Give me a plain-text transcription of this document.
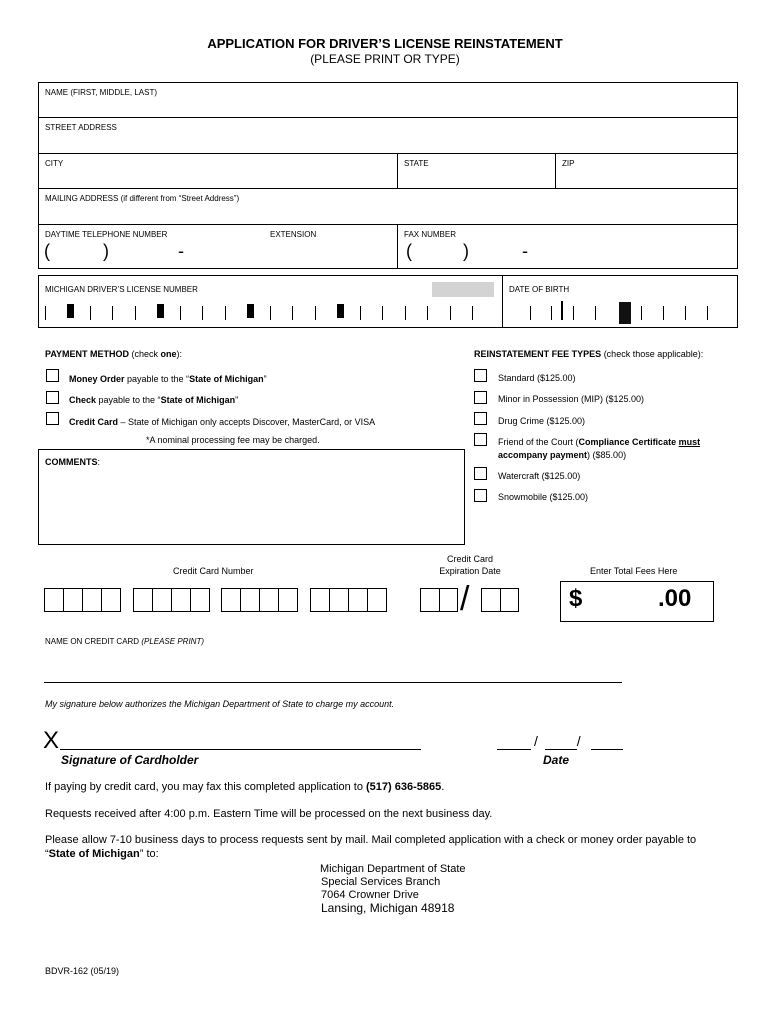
APPLICATION FOR DRIVER’S LICENSE REINSTATEMENT
(PLEASE PRINT OR TYPE)
NAME (FIRST, MIDDLE, LAST)
STREET ADDRESS
CITY	STATE	ZIP
MAILING ADDRESS (if different from “Street Address”)
DAYTIME TELEPHONE NUMBER	EXTENSION	FAX NUMBER
(	)	-	(	)	-
MICHIGAN DRIVER’S LICENSE NUMBER	DATE OF BIRTH
PAYMENT METHOD (check one):
Money Order payable to the “State of Michigan”
Check payable to the “State of Michigan”
Credit Card – State of Michigan only accepts Discover, MasterCard, or VISA
*A nominal processing fee may be charged.
COMMENTS:
REINSTATEMENT FEE TYPES (check those applicable):
Standard ($125.00)
Minor in Possession (MIP) ($125.00)
Drug Crime ($125.00)
Friend of the Court (Compliance Certificate must
accompany payment) ($85.00)
Watercraft ($125.00)
Snowmobile ($125.00)
Credit Card Number
Credit Card
Expiration Date	Enter Total Fees Here
/	$	.00
NAME ON CREDIT CARD (PLEASE PRINT)
My signature below authorizes the Michigan Department of State to charge my account.
X
Signature of Cardholder
/          /
Date
If paying by credit card, you may fax this completed application to (517) 636-5865.
Requests received after 4:00 p.m. Eastern Time will be processed on the next business day.
Please allow 7-10 business days to process requests sent by mail. Mail completed application with a check or money order payable to
“State of Michigan” to:
Michigan Department of State
Special Services Branch
7064 Crowner Drive
Lansing, Michigan 48918
BDVR-162 (05/19)
